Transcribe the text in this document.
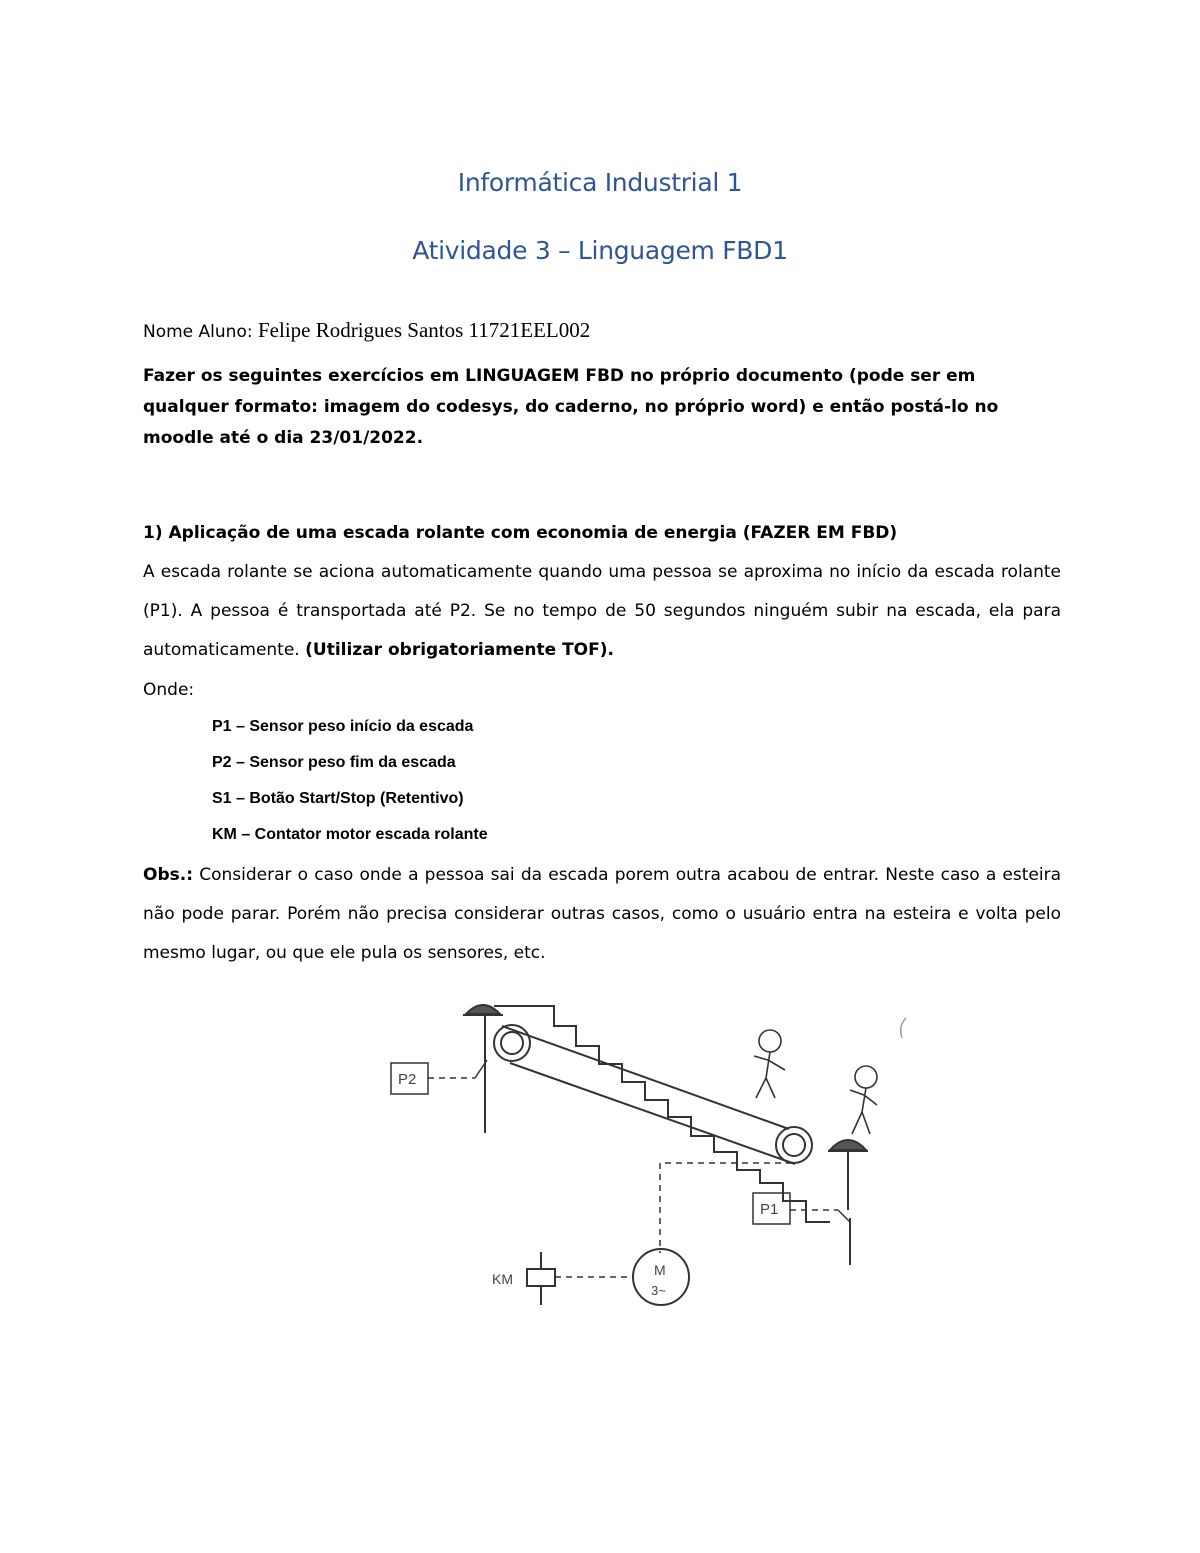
Informática Industrial 1
Atividade 3 – Linguagem FBD1
Nome Aluno: Felipe Rodrigues Santos 11721EEL002
Fazer os seguintes exercícios em LINGUAGEM FBD no próprio documento (pode ser em qualquer formato: imagem do codesys, do caderno, no próprio word) e então postá-lo no moodle até o dia 23/01/2022.
1) Aplicação de uma escada rolante com economia de energia (FAZER EM FBD)
A escada rolante se aciona automaticamente quando uma pessoa se aproxima no início da escada rolante (P1). A pessoa é transportada até P2. Se no tempo de 50 segundos ninguém subir na escada, ela para automaticamente. (Utilizar obrigatoriamente TOF).
Onde:
P1 – Sensor peso início da escada
P2 – Sensor peso fim da escada
S1 – Botão Start/Stop (Retentivo)
KM – Contator motor escada rolante
Obs.: Considerar o caso onde a pessoa sai da escada porem outra acabou de entrar. Neste caso a esteira não pode parar. Porém não precisa considerar outras casos, como o usuário entra na esteira e volta pelo mesmo lugar, ou que ele pula os sensores, etc.
P2
P1
KM
M
3~
